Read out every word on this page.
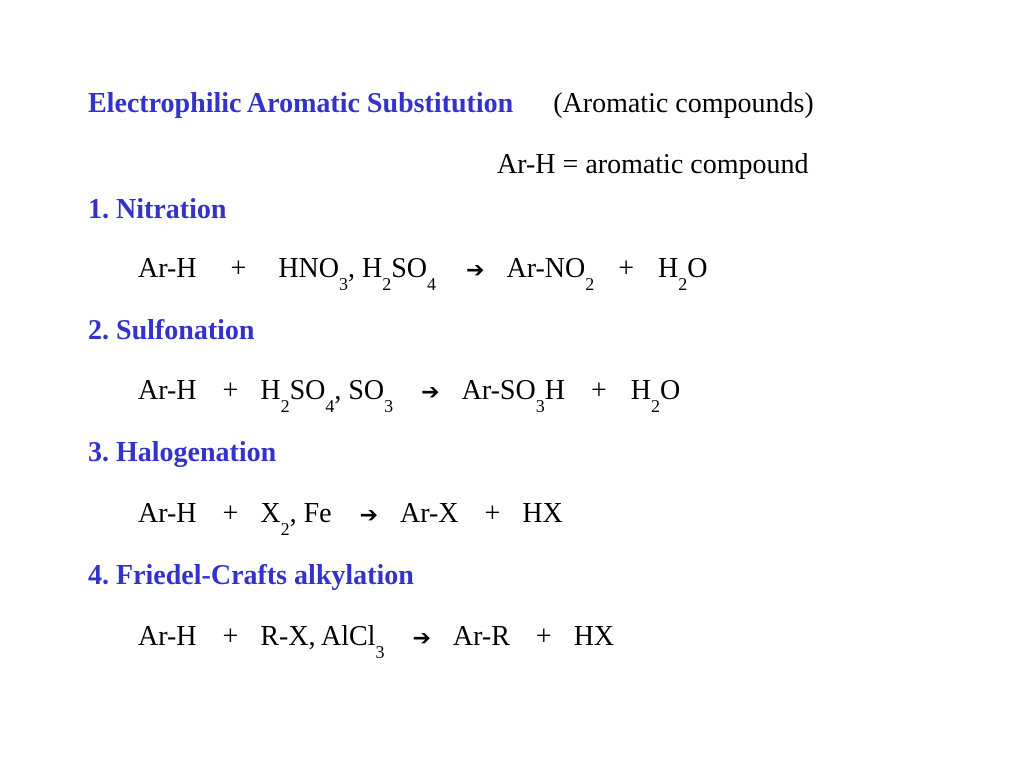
Electrophilic Aromatic Substitution (Aromatic compounds)
Ar-H = aromatic compound
1. Nitration
$Ar-H + HNO_3$, $H_2SO_4➔$ $Ar-NO_2 + H_2O$
2. Sulfonation
$Ar-H + H_2SO_4$, $SO_3➔$ $Ar-SO_3H + H_2O$
3. Halogenation
$Ar-H + X_2$, Fe ➔ Ar-X + HX
4. Friedel-Crafts alkylation
Ar-H + R-X, AlCl$_3$➔ Ar-R + HX
